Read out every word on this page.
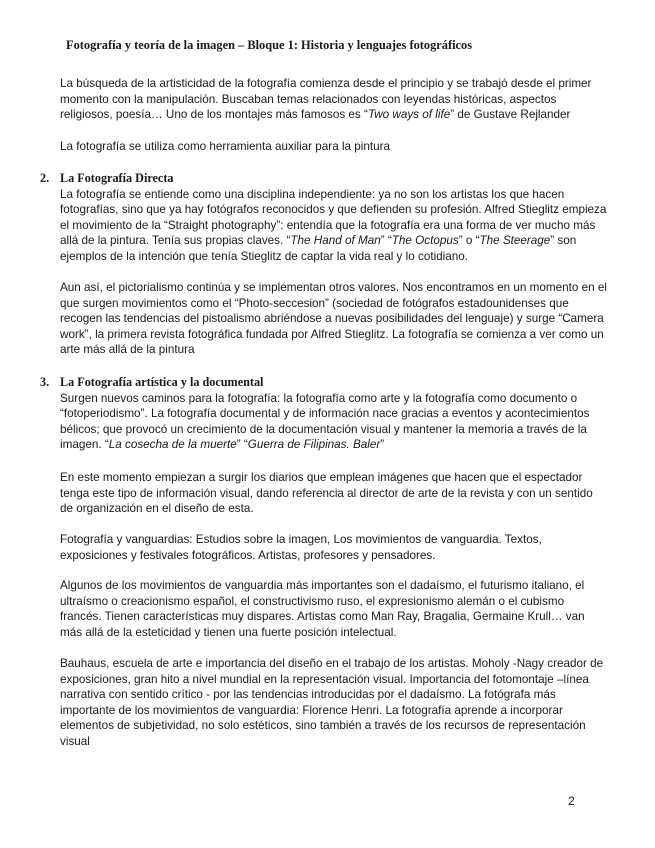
Fotografía y teoría de la imagen – Bloque 1: Historia y lenguajes fotográficos

La búsqueda de la artisticidad de la fotografía comienza desde el principio y se trabajó desde el primer momento con la manipulación. Buscaban temas relacionados con leyendas históricas, aspectos religiosos, poesía… Uno de los montajes más famosos es “Two ways of life” de Gustave Rejlander

La fotografía se utiliza como herramienta auxiliar para la pintura

2. La Fotografía Directa

La fotografía se entiende como una disciplina independiente: ya no son los artistas los que hacen fotografías, sino que ya hay fotógrafos reconocidos y que defienden su profesión. Alfred Stieglitz empieza el movimiento de la “Straight photography”: entendía que la fotografía era una forma de ver mucho más allá de la pintura. Tenía sus propias claves. “The Hand of Man” “The Octopus” o “The Steerage” son ejemplos de la intención que tenía Stieglitz de captar la vida real y lo cotidiano.

Aun así, el pictorialismo continúa y se implementan otros valores. Nos encontramos en un momento en el que surgen movimientos como el “Photo-seccesion” (sociedad de fotógrafos estadounidenses que recogen las tendencias del pistoalismo abriéndose a nuevas posibilidades del lenguaje) y surge “Camera work”, la primera revista fotográfica fundada por Alfred Stieglitz. La fotografía se comienza a ver como un arte más allá de la pintura

3. La Fotografía artística y la documental

Surgen nuevos caminos para la fotografía: la fotografía como arte y la fotografía como documento o “fotoperiodismo”. La fotografía documental y de información nace gracias a eventos y acontecimientos bélicos; que provocó un crecimiento de la documentación visual y mantener la memoria a través de la imagen. “La cosecha de la muerte” “Guerra de Filipinas. Baler”

En este momento empiezan a surgir los diarios que emplean imágenes que hacen que el espectador tenga este tipo de información visual, dando referencia al director de arte de la revista y con un sentido de organización en el diseño de esta.

Fotografía y vanguardias: Estudios sobre la imagen, Los movimientos de vanguardia. Textos, exposiciones y festivales fotográficos. Artistas, profesores y pensadores.

Algunos de los movimientos de vanguardia más importantes son el dadaísmo, el futurismo italiano, el ultraísmo o creacionismo español, el constructivismo ruso, el expresionismo alemán o el cubismo francés. Tienen características muy dispares. Artistas como Man Ray, Bragalia, Germaine Krull… van más allá de la esteticidad y tienen una fuerte posición intelectual.

Bauhaus, escuela de arte e importancia del diseño en el trabajo de los artistas. Moholy -Nagy creador de exposiciones, gran hito a nivel mundial en la representación visual. Importancia del fotomontaje –línea narrativa con sentido crítico - por las tendencias introducidas por el dadaísmo. La fotógrafa más importante de los movimientos de vanguardia: Florence Henri. La fotografía aprende a incorporar elementos de subjetividad, no solo estéticos, sino también a través de los recursos de representación visual

2
